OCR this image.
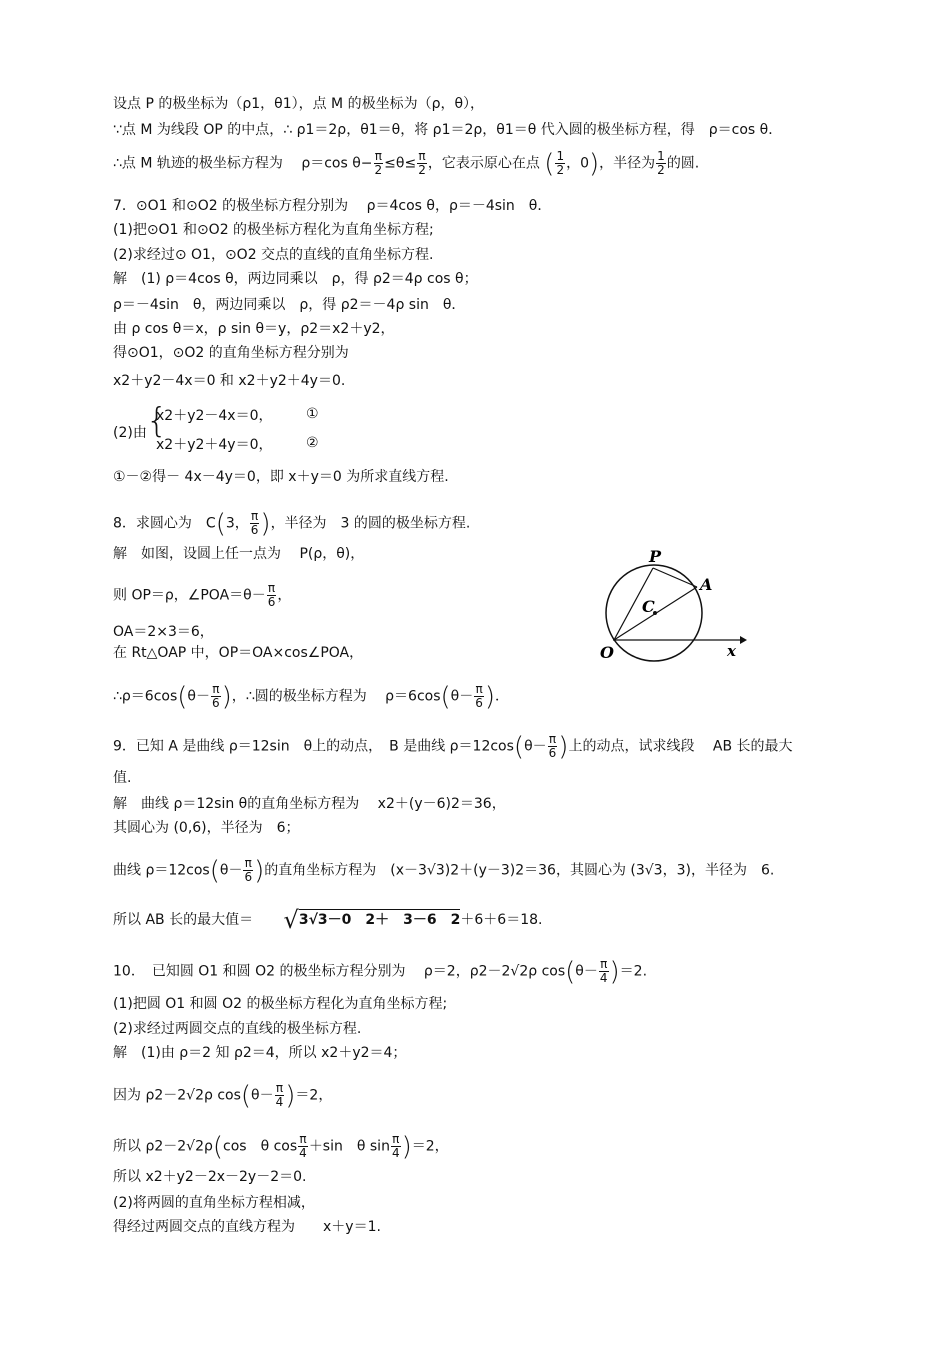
设点 P 的极坐标为（ρ1，θ1），点 M 的极坐标为（ρ，θ），
∵点 M 为线段 OP 的中点，∴ ρ1＝2ρ，θ1＝θ，将 ρ1＝2ρ，θ1＝θ 代入圆的极坐标方程，得　ρ＝cos θ．
∴点 M 轨迹的极坐标方程为　 ρ＝cos $\theta- \frac{\pi}{2} \le\theta\le \frac{\pi}{2}$ ，它表示原心在点 ( $\frac{1}{2}$ ，0)，半径为 $\frac{1}{2}$ 的圆.
7．⊙O1 和⊙O2 的极坐标方程分别为　 ρ＝4cos θ，ρ＝－4sin　θ．
(1)把⊙O1 和⊙O2 的极坐标方程化为直角坐标方程;
(2)求经过⊙ O1，⊙O2 交点的直线的直角坐标方程.
解　(1) ρ＝4cos θ，两边同乘以　ρ，得 ρ2＝4ρ cos θ；
ρ＝－4sin　θ，两边同乘以　ρ，得 ρ2＝－4ρ sin　θ．
由 ρ cos θ＝x，ρ sin θ＝y，ρ2＝x2＋y2，
得⊙O1，⊙O2 的直角坐标方程分别为
x2＋y2－4x＝0 和 x2＋y2＋4y＝0.
(2)由 {
x2＋y2－4x＝0， ①
x2＋y2＋4y＝0， ②
①－②得－ 4x－4y＝0，即 x＋y＝0 为所求直线方程.
8．求圆心为　C(3， $\frac{\pi}{6}$ )，半径为　3 的圆的极坐标方程.
解　如图，设圆上任一点为　 P(ρ，θ)，
则 OP＝ρ，∠POA＝θ－ $\frac{\pi}{6}$ ，
OA＝2×3＝6，
在 Rt△OAP 中，OP＝OA×cos∠POA，
∴ρ＝6cos(θ－ $\frac{\pi}{6}$ )，∴圆的极坐标方程为　 $\rho=6\cos(\theta- \frac{\pi}{6}$ )．
P
A
C
O	x
9．已知 A 是曲线 ρ＝12sin　θ上的动点，　B 是曲线 $\rho=12\cos(\theta- \frac{\pi}{6}$ )上的动点，试求线段　 AB 长的最大
值.
解　曲线 ρ＝12sin θ的直角坐标方程为　 x2＋(y－6)2＝36，
其圆心为 (0,6)，半径为　6；
曲线 $\rho=12\cos(\theta- \frac{\pi}{6}$ )的直角坐标方程为　(x－3√3)2＋(y－3)2＝36，其圆心为 (3√3，3)，半径为　6.
所以 AB 长的最大值＝ √3√3－0　2＋　3－6　2＋6＋6＝18.
10．　已知圆 O1 和圆 O2 的极坐标方程分别为　 ρ＝2，ρ2－2√2ρ $\cos(\theta- \frac{\pi}{4} )=2$.
(1)把圆 O1 和圆 O2 的极坐标方程化为直角坐标方程;
(2)求经过两圆交点的直线的极坐标方程.
解　(1)由 ρ＝2 知 ρ2＝4，所以 x2＋y2＝4；
因为 ρ2－2√2ρ $\cos(\theta- \frac{\pi}{4} )=2$，
所以 ρ2－2√2ρ(cos　θ $\cos \frac{\pi}{4} +\sin$　θ $\sin \frac{\pi}{4} )=2$，
所以 x2＋y2－2x－2y－2＝0.
(2)将两圆的直角坐标方程相减，
得经过两圆交点的直线方程为　　x＋y＝1.
